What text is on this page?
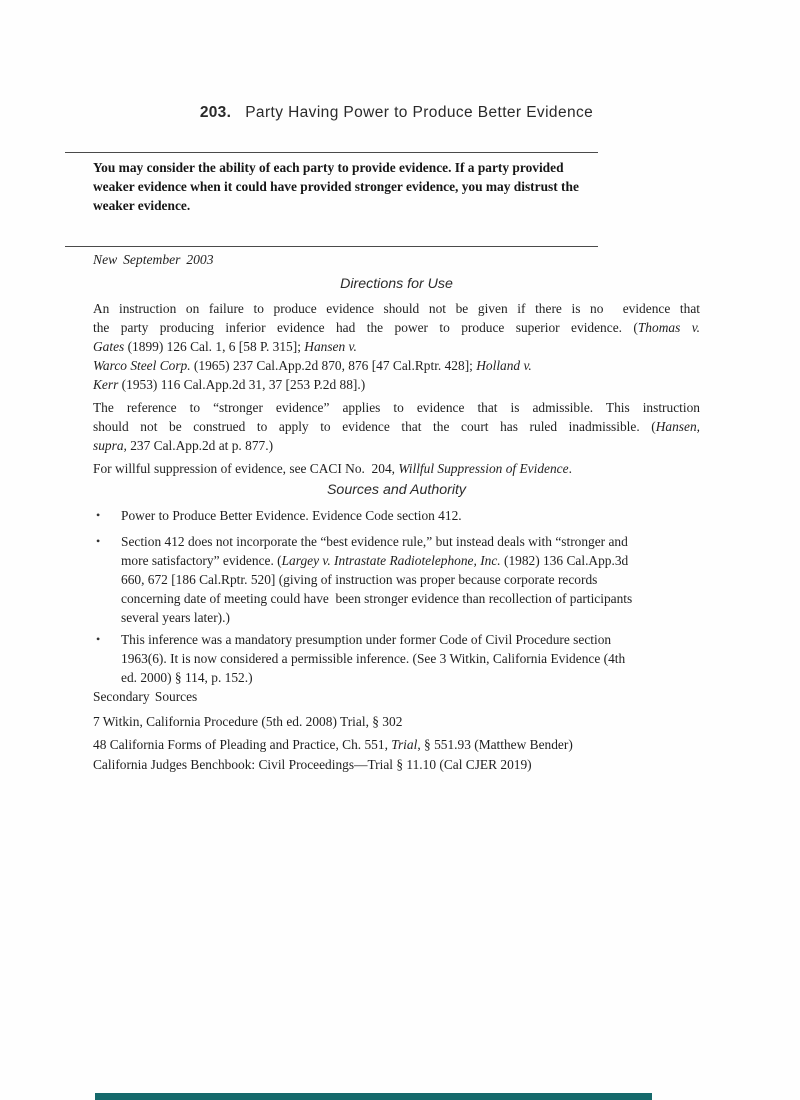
203. Party Having Power to Produce Better Evidence
You may consider the ability of each party to provide evidence. If a party provided
weaker evidence when it could have provided stronger evidence, you may distrust the
weaker evidence.
New September 2003
Directions for Use
An instruction on failure to produce evidence should not be given if there is no  evidence that
the party producing inferior evidence had the power to produce superior evidence. (Thomas v.
Gates (1899) 126 Cal. 1, 6 [58 P. 315]; Hansen v.
Warco Steel Corp. (1965) 237 Cal.App.2d 870, 876 [47 Cal.Rptr. 428]; Holland v.
Kerr (1953) 116 Cal.App.2d 31, 37 [253 P.2d 88].)
The reference to “stronger evidence” applies to evidence that is admissible. This instruction
should not be construed to apply to evidence that the court has ruled inadmissible. (Hansen,
supra, 237 Cal.App.2d at p. 877.)
For willful suppression of evidence, see CACI No.  204, Willful Suppression of Evidence.
Sources and Authority
•	Power to Produce Better Evidence. Evidence Code section 412.
•	Section 412 does not incorporate the “best evidence rule,” but instead deals with “stronger and
more satisfactory” evidence. (Largey v. Intrastate Radiotelephone, Inc. (1982) 136 Cal.App.3d
660, 672 [186 Cal.Rptr. 520] (giving of instruction was proper because corporate records
concerning date of meeting could have  been stronger evidence than recollection of participants
several years later).)
•	This inference was a mandatory presumption under former Code of Civil Procedure section
1963(6). It is now considered a permissible inference. (See 3 Witkin, California Evidence (4th
ed. 2000) § 114, p. 152.)
Secondary Sources
7 Witkin, California Procedure (5th ed. 2008) Trial, § 302
48 California Forms of Pleading and Practice, Ch. 551, Trial, § 551.93 (Matthew Bender)
California Judges Benchbook: Civil Proceedings—Trial § 11.10 (Cal CJER 2019)
